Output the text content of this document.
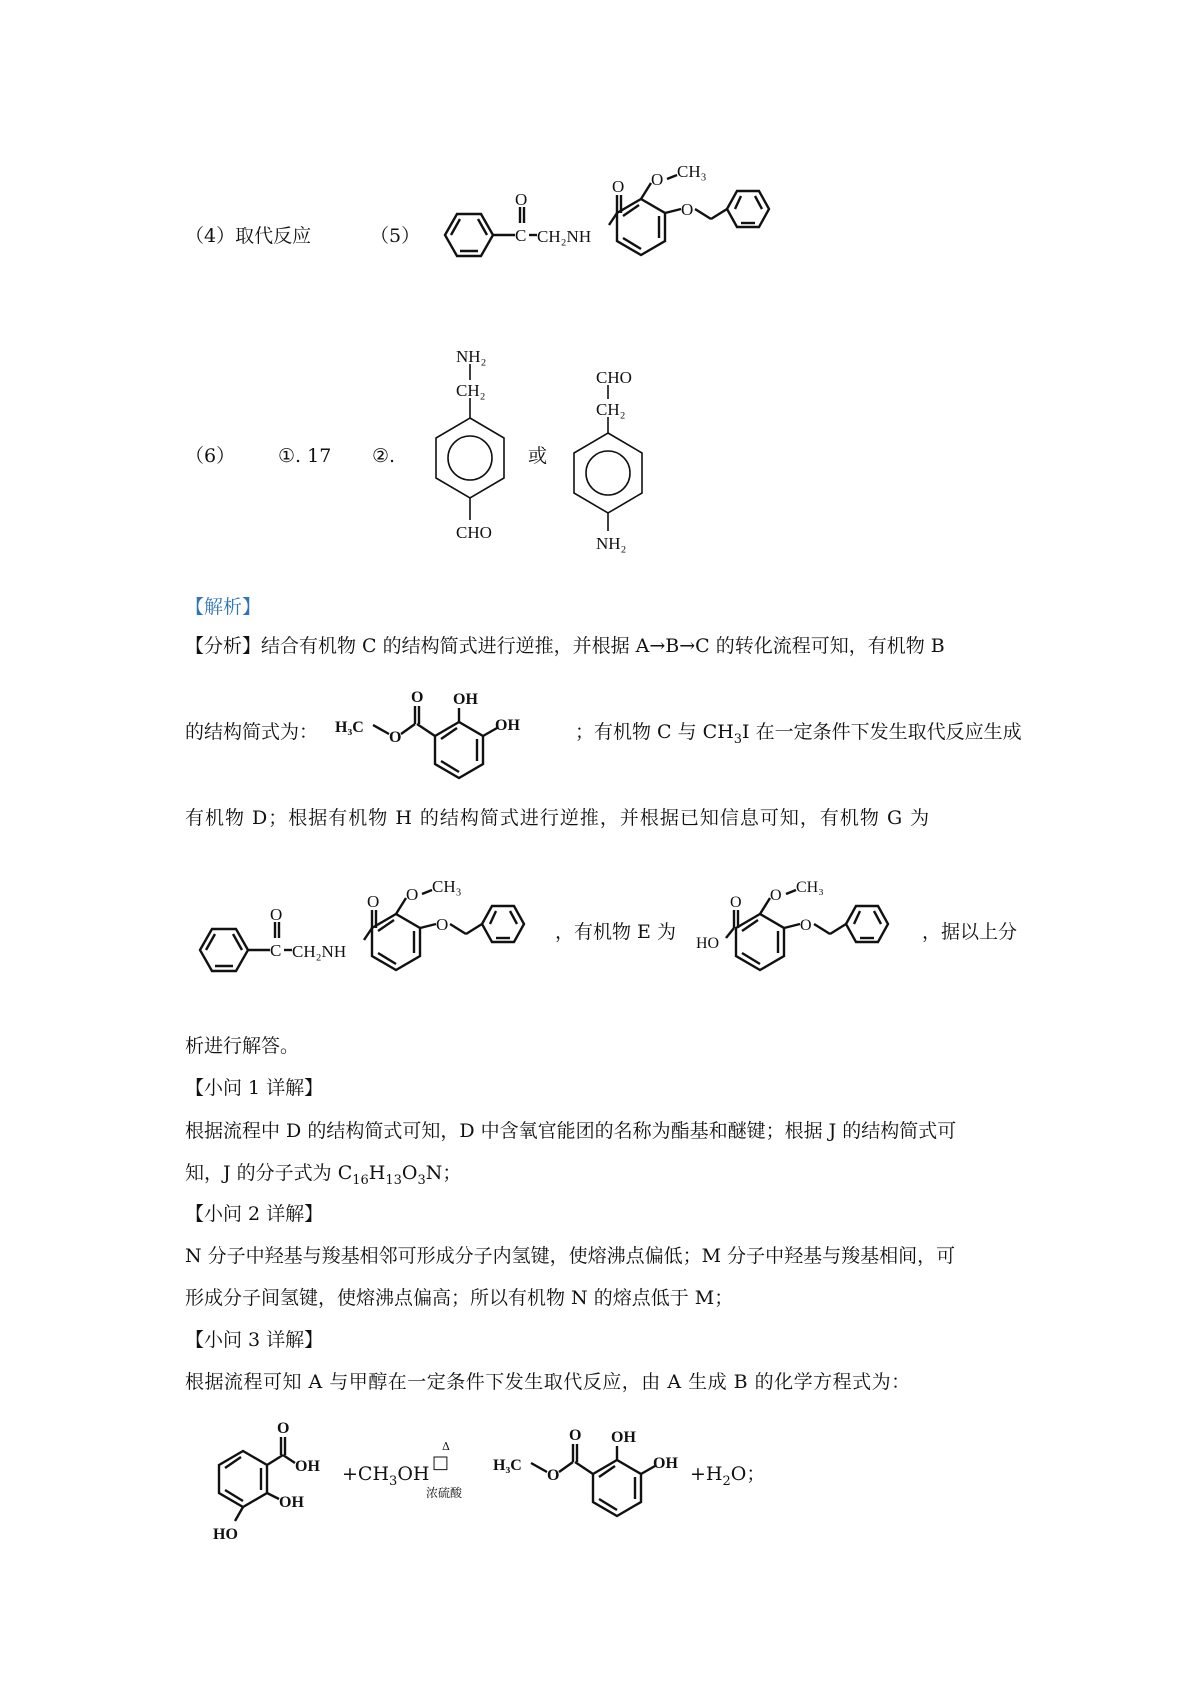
（4）取代反应	（5）	C
O
CH₂NH
O O CH₃
O
（6） ①. 17 ②.
NH₂
CH₂
CHO
或
CHO
CH₂
NH₂
【解析】
【分析】结合有机物 C 的结构简式进行逆推，并根据 A→B→C 的转化流程可知，有机物 B
的结构简式为： H₃C
O
O OH
OH	；有机物 C 与 $CH_3I$ 在一定条件下发生取代反应生成
有机物 D；根据有机物 H 的结构简式进行逆推，并根据已知信息可知，有机物 G 为
C
O
CH₂NH
O O CH₃
O	，有机物 E 为
HO
O O CH₃
O	，据以上分
析进行解答。
【小问 1 详解】
根据流程中 D 的结构简式可知，D 中含氧官能团的名称为酯基和醚键；根据 J 的结构简式可
知，J 的分子式为 $C_{16}H_{13}O_3N$；
【小问 2 详解】
N 分子中羟基与羧基相邻可形成分子内氢键，使熔沸点偏低；M 分子中羟基与羧基相间，可
形成分子间氢键，使熔沸点偏高；所以有机物 N 的熔点低于 M；
【小问 3 详解】
根据流程可知 A 与甲醇在一定条件下发生取代反应，由 A 生成 B 的化学方程式为：
O
OH
OH
HO
$+CH_3OH$
□
Δ
浓硫酸
H₃C
O
O OH
OH $+H_2O$；
